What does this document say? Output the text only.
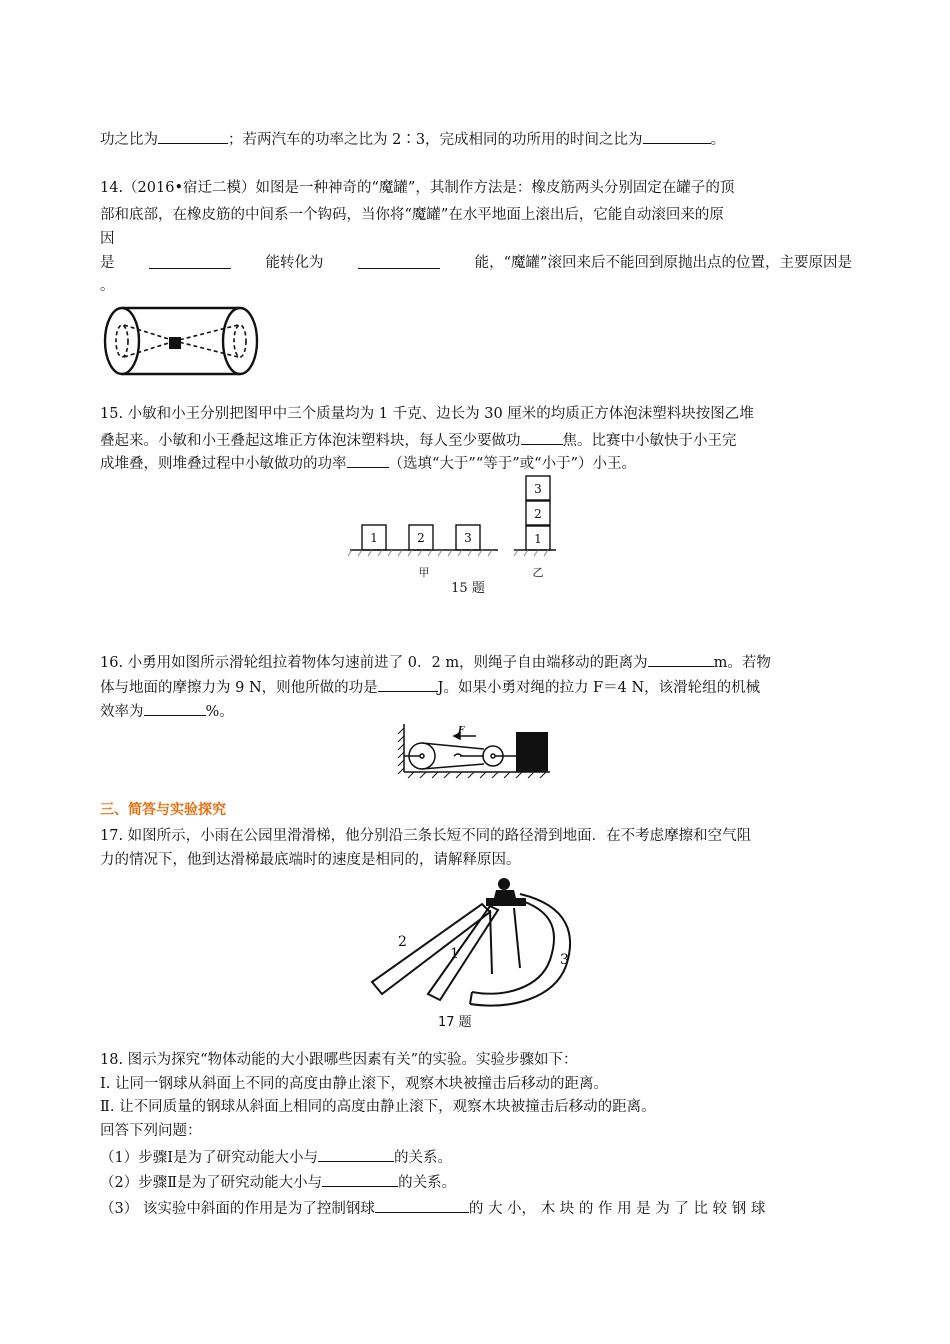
功之比为	；若两汽车的功率之比为 2∶3，完成相同的功所用的时间之比为	。
14.（2016•宿迁二模）如图是一种神奇的“魔罐”，其制作方法是：橡皮筋两头分别固定在罐子的顶
部和底部，在橡皮筋的中间系一个钩码，当你将“魔罐”在水平地面上滚出后，它能自动滚回来的原
因
是	能转化为	能，“魔罐”滚回来后不能回到原抛出点的位置，主要原因是
。
15. 小敏和小王分别把图甲中三个质量均为 1 千克、边长为 30 厘米的均质正方体泡沫塑料块按图乙堆
叠起来。小敏和小王叠起这堆正方体泡沫塑料块，每人至少要做功	焦。比赛中小敏快于小王完
成堆叠，则堆叠过程中小敏做功的功率	（选填“大于”“等于”或“小于”）小王。
1	2	3
3
2
1
甲	乙
15 题
16. 小勇用如图所示滑轮组拉着物体匀速前进了 0．2 m，则绳子自由端移动的距离为	m。若物
体与地面的摩擦力为 9 N，则他所做的功是	J。如果小勇对绳的拉力 F＝4 N，该滑轮组的机械
效率为	%。
F
三、简答与实验探究
17. 如图所示，小雨在公园里滑滑梯，他分别沿三条长短不同的路径滑到地面．在不考虑摩擦和空气阻
力的情况下，他到达滑梯最底端时的速度是相同的，请解释原因。
1
2
3
17 题
18. 图示为探究“物体动能的大小跟哪些因素有关”的实验。实验步骤如下：
Ⅰ. 让同一钢球从斜面上不同的高度由静止滚下，观察木块被撞击后移动的距离。
Ⅱ. 让不同质量的钢球从斜面上相同的高度由静止滚下，观察木块被撞击后移动的距离。
回答下列问题：
（1）步骤Ⅰ是为了研究动能大小与	的关系。
（2）步骤Ⅱ是为了研究动能大小与	的关系。
（3） 该实验中斜面的作用是为了控制钢球	的 大 小， 木 块 的 作 用 是 为 了 比 较 钢 球
